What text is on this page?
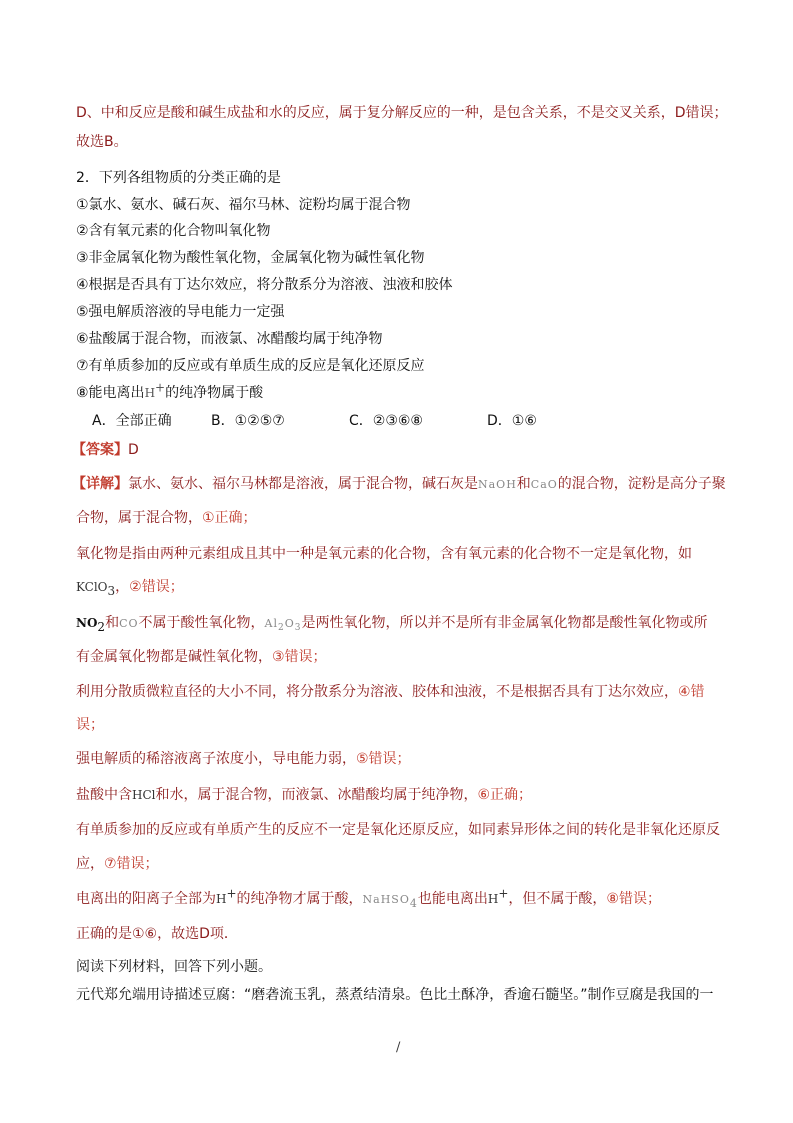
D、中和反应是酸和碱生成盐和水的反应，属于复分解反应的一种，是包含关系，不是交叉关系，D错误；
故选B。
2．下列各组物质的分类正确的是
①氯水、氨水、碱石灰、福尔马林、淀粉均属于混合物
②含有氧元素的化合物叫氧化物
③非金属氧化物为酸性氧化物，金属氧化物为碱性氧化物
④根据是否具有丁达尔效应，将分散系分为溶液、浊液和胶体
⑤强电解质溶液的导电能力一定强
⑥盐酸属于混合物，而液氯、冰醋酸均属于纯净物
⑦有单质参加的反应或有单质生成的反应是氧化还原反应
⑧能电离出H+的纯净物属于酸
A．全部正确	B．①②⑤⑦	C．②③⑥⑧	D．①⑥
【答案】D
【详解】氯水、氨水、福尔马林都是溶液，属于混合物，碱石灰是NaOH和CaO的混合物，淀粉是高分子聚
合物，属于混合物，①正确；
氧化物是指由两种元素组成且其中一种是氧元素的化合物，含有氧元素的化合物不一定是氧化物，如
KClO3，②错误；
NO2和CO不属于酸性氧化物，$Al_2O_3$是两性氧化物，所以并不是所有非金属氧化物都是酸性氧化物或所
有金属氧化物都是碱性氧化物，③错误；
利用分散质微粒直径的大小不同，将分散系分为溶液、胶体和浊液，不是根据否具有丁达尔效应，④错
误；
强电解质的稀溶液离子浓度小，导电能力弱，⑤错误；
盐酸中含HCl和水，属于混合物，而液氯、冰醋酸均属于纯净物，⑥正确；
有单质参加的反应或有单质产生的反应不一定是氧化还原反应，如同素异形体之间的转化是非氧化还原反
应，⑦错误；
电离出的阳离子全部为H+的纯净物才属于酸，NaHSO$_4$也能电离出H+，但不属于酸，⑧错误；
正确的是①⑥，故选D项．
阅读下列材料，回答下列小题。
元代郑允端用诗描述豆腐：“磨砻流玉乳，蒸煮结清泉。色比土酥净，香逾石髓坚。”制作豆腐是我国的一
/
